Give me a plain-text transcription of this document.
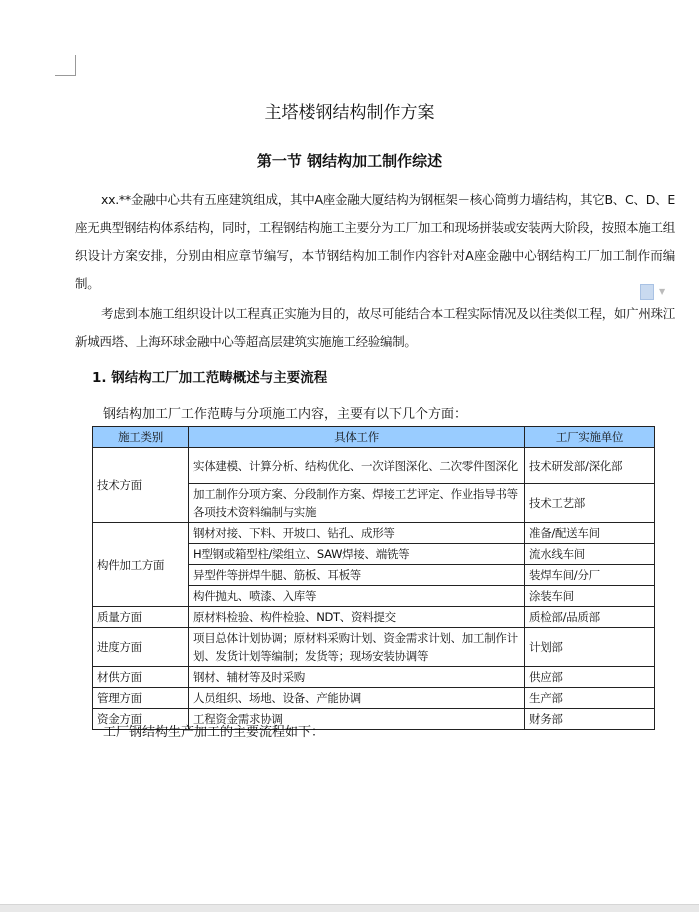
主塔楼钢结构制作方案
第一节 钢结构加工制作综述
xx.**金融中心共有五座建筑组成，其中A座金融大厦结构为钢框架－核心筒剪力墙结构，其它B、C、D、E座无典型钢结构体系结构，同时，工程钢结构施工主要分为工厂加工和现场拼装或安装两大阶段，按照本施工组织设计方案安排，分别由相应章节编写，本节钢结构加工制作内容针对A座金融中心钢结构工厂加工制作而编制。
▼
考虑到本施工组织设计以工程真正实施为目的，故尽可能结合本工程实际情况及以往类似工程，如广州珠江新城西塔、上海环球金融中心等超高层建筑实施施工经验编制。
1. 钢结构工厂加工范畴概述与主要流程
钢结构加工厂工作范畴与分项施工内容，主要有以下几个方面：
施工类别	具体工作	工厂实施单位
技术方面	实体建模、计算分析、结构优化、一次详图深化、二次零件图深化	技术研发部/深化部
	加工制作分项方案、分段制作方案、焊接工艺评定、作业指导书等各项技术资料编制与实施	技术工艺部
构件加工方面	钢材对接、下料、开坡口、钻孔、成形等	准备/配送车间
	H型钢或箱型柱/梁组立、SAW焊接、端铣等	流水线车间
	异型件等拼焊牛腿、筋板、耳板等	装焊车间/分厂
	构件抛丸、喷漆、入库等	涂装车间
质量方面	原材料检验、构件检验、NDT、资料提交	质检部/品质部
进度方面	项目总体计划协调；原材料采购计划、资金需求计划、加工制作计划、发货计划等编制；发货等；现场安装协调等	计划部
材供方面	钢材、辅材等及时采购	供应部
管理方面	人员组织、场地、设备、产能协调	生产部
资金方面	工程资金需求协调	财务部
工厂钢结构生产加工的主要流程如下：
